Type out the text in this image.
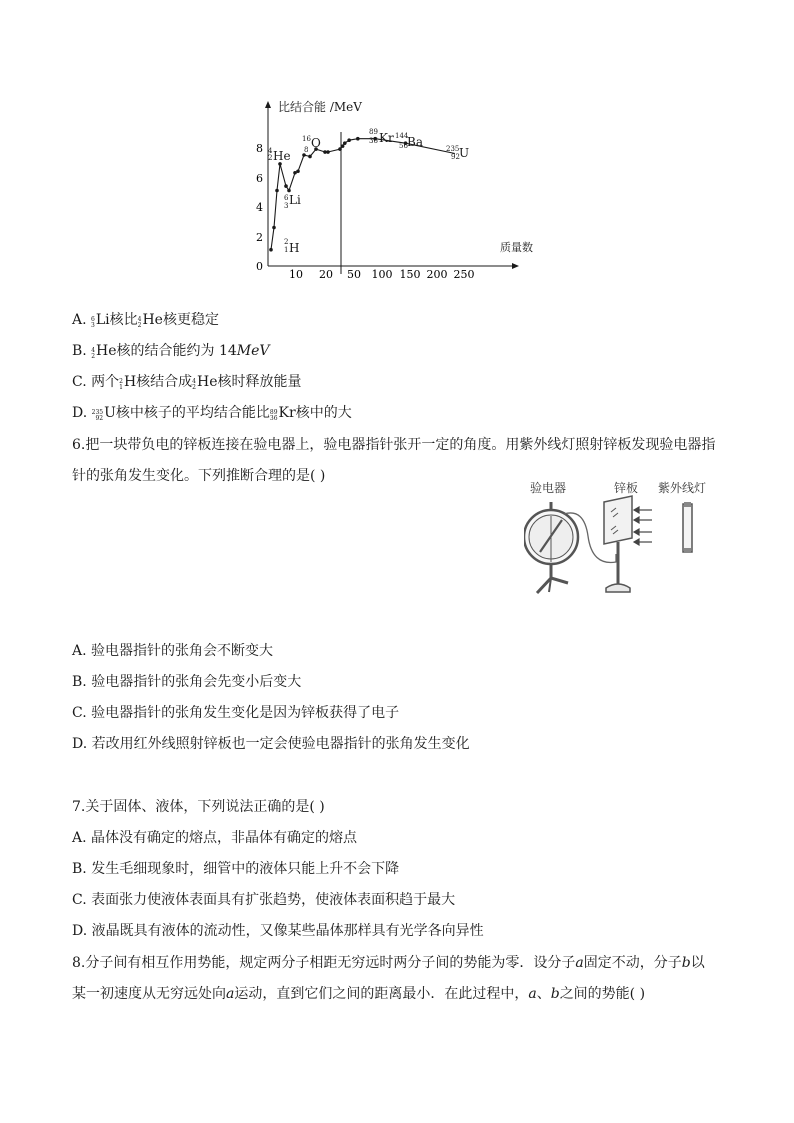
比结合能 /MeV
质量数
0
2
4
6
8
10 20 50 100 150 200 250
4
2 He
2
1 H
6
3 Li
16
8 O
89
36 Kr 144
56 Ba	235
92 U
A. 6
3 Li核比 4
2 He核更稳定
B. 4
2 He核的结合能约为 14MeV
C. 两个 2
1 H核结合成 4
2 He核时释放能量
D. 235
92 U核中核子的平均结合能比 89
36 Kr核中的大
6.把一块带负电的锌板连接在验电器上，验电器指针张开一定的角度。用紫外线灯照射锌板发现验电器指
针的张角发生变化。下列推断合理的是( )
验电器	锌板 紫外线灯
A. 验电器指针的张角会不断变大
B. 验电器指针的张角会先变小后变大
C. 验电器指针的张角发生变化是因为锌板获得了电子
D. 若改用红外线照射锌板也一定会使验电器指针的张角发生变化
7.关于固体、液体，下列说法正确的是( )
A. 晶体没有确定的熔点，非晶体有确定的熔点
B. 发生毛细现象时，细管中的液体只能上升不会下降
C. 表面张力使液体表面具有扩张趋势，使液体表面积趋于最大
D. 液晶既具有液体的流动性，又像某些晶体那样具有光学各向异性
8.分子间有相互作用势能，规定两分子相距无穷远时两分子间的势能为零．设分子a固定不动，分子b以
某一初速度从无穷远处向a运动，直到它们之间的距离最小．在此过程中，a、b之间的势能( )
